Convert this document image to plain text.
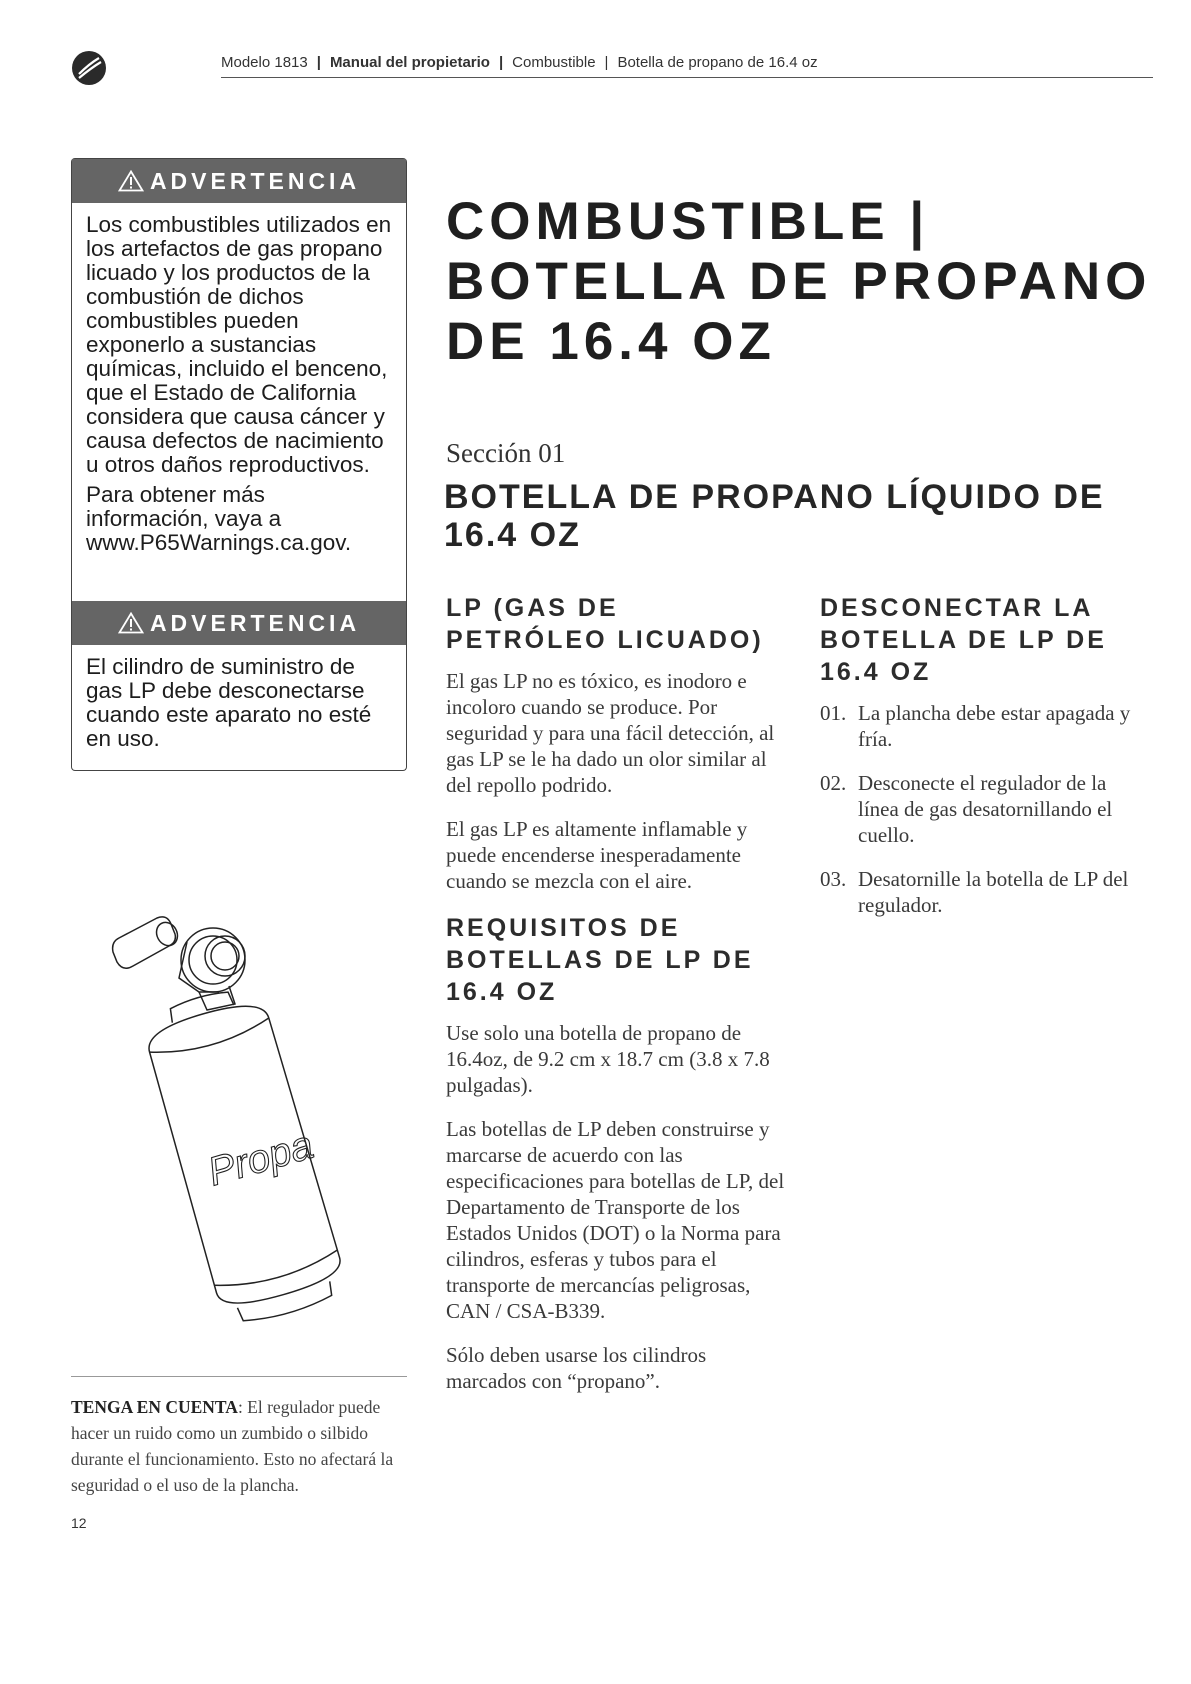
Modelo 1813 | Manual del propietario | Combustible | Botella de propano de 16.4 oz
ADVERTENCIA

Los combustibles utilizados en los artefactos de gas propano licuado y los productos de la combustión de dichos combustibles pueden exponerlo a sustancias químicas, incluido el benceno, que el Estado de California considera que causa cáncer y causa defectos de nacimiento u otros daños reproductivos.

Para obtener más información, vaya a www.P65Warnings.ca.gov.

ADVERTENCIA

El cilindro de suministro de gas LP debe desconectarse cuando este aparato no esté en uso.

COMBUSTIBLE |
BOTELLA DE PROPANO
DE 16.4 OZ
Sección 01
BOTELLA DE PROPANO LÍQUIDO DE 16.4 OZ
LP (GAS DE PETRÓLEO LICUADO)

El gas LP no es tóxico, es inodoro e incoloro cuando se produce. Por seguridad y para una fácil detección, al gas LP se le ha dado un olor similar al del repollo podrido.

El gas LP es altamente inflamable y puede encenderse inesperadamente cuando se mezcla con el aire.

REQUISITOS DE BOTELLAS DE LP DE 16.4 OZ

Use solo una botella de propano de 16.4oz, de 9.2 cm x 18.7 cm (3.8 x 7.8 pulgadas).

Las botellas de LP deben construirse y marcarse de acuerdo con las especificaciones para botellas de LP, del Departamento de Transporte de los Estados Unidos (DOT) o la Norma para cilindros, esferas y tubos para el transporte de mercancías peligrosas, CAN / CSA-B339.

Sólo deben usarse los cilindros marcados con “propano”.

DESCONECTAR LA BOTELLA DE LP DE 16.4 OZ
01. La plancha debe estar apagada y fría.
02. Desconecte el regulador de la línea de gas desatornillando el cuello.
03. Desatornille la botella de LP del regulador.
Propa
TENGA EN CUENTA: El regulador puede hacer un ruido como un zumbido o silbido durante el funcionamiento. Esto no afectará la seguridad o el uso de la plancha.
12
